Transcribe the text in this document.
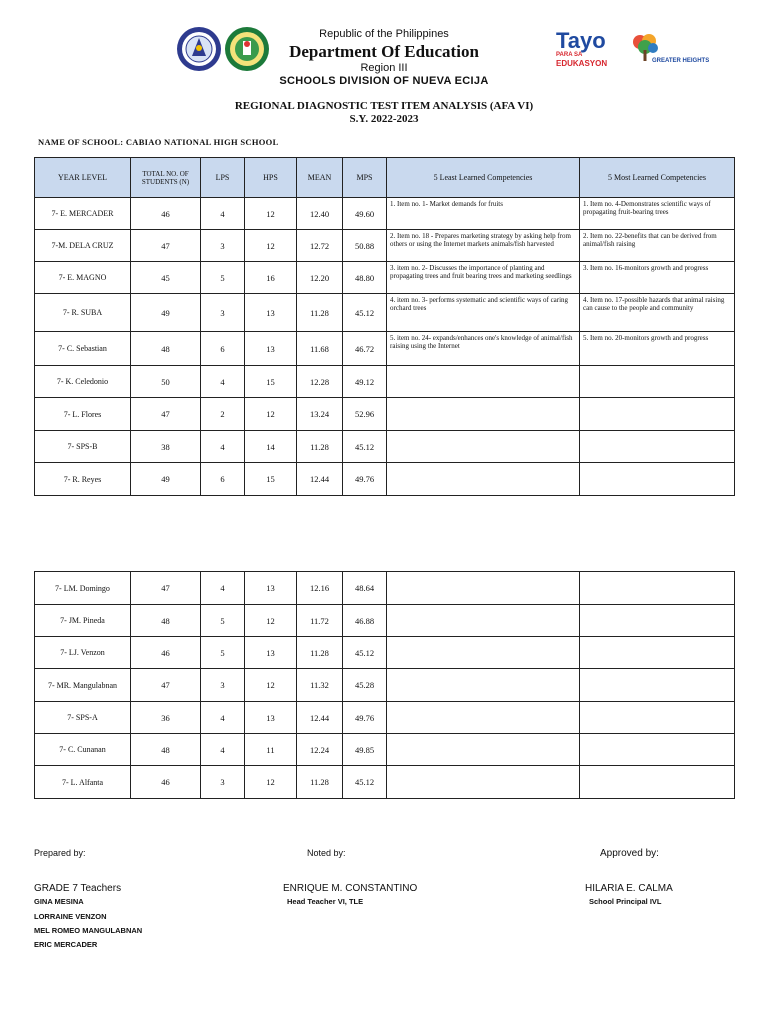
Tayo
PARA SA
EDUKASYON	GREATER HEIGHTS
Republic of the Philippines
Department Of Education
Region III
SCHOOLS DIVISION OF NUEVA ECIJA
REGIONAL DIAGNOSTIC TEST ITEM ANALYSIS (AFA VI)
S.Y. 2022-2023
NAME OF SCHOOL: CABIAO NATIONAL HIGH SCHOOL
YEAR LEVEL	TOTAL NO. OF STUDENTS (N)	LPS	HPS	MEAN	MPS	5 Least Learned Competencies	5 Most Learned Competencies
7- E. MERCADER	46	4	12	12.40	49.60	1. Item no. 1- Market demands for fruits	1. Item no. 4-Demonstrates scientific ways of propagating fruit-bearing trees
7-M. DELA CRUZ	47	3	12	12.72	50.88	2. Item no. 18 - Prepares marketing strategy by asking help from others or using the Internet markets animals/fish harvested	2. Item no. 22-benefits that can be derived from animal/fish raising
7- E. MAGNO	45	5	16	12.20	48.80	3. item no. 2- Discusses the importance of planting and propagating trees and fruit bearing trees and marketing seedlings	3. Item no. 16-monitors growth and progress
7- R. SUBA	49	3	13	11.28	45.12	4. item no. 3- performs systematic and scientific ways of caring orchard trees	4. Item no. 17-possible hazards that animal raising can cause to the people and community
7- C. Sebastian	48	6	13	11.68	46.72	5. item no. 24- expands/enhances one's knowledge of animal/fish raising using the Internet	5. Item no. 20-monitors growth and progress
7- K. Celedonio	50	4	15	12.28	49.12		
7- L. Flores	47	2	12	13.24	52.96		
7- SPS-B	38	4	14	11.28	45.12		
7- R. Reyes	49	6	15	12.44	49.76		
7- LM. Domingo	47	4	13	12.16	48.64		
7- JM. Pineda	48	5	12	11.72	46.88		
7- LJ. Venzon	46	5	13	11.28	45.12		
7- MR. Mangulabnan	47	3	12	11.32	45.28		
7- SPS-A	36	4	13	12.44	49.76		
7- C. Cunanan	48	4	11	12.24	49.85		
7- L. Alfanta	46	3	12	11.28	45.12		
Prepared by:
GRADE 7 Teachers
GINA MESINA
LORRAINE VENZON
MEL ROMEO MANGULABNAN
ERIC MERCADER
Noted by:
ENRIQUE M. CONSTANTINO
Head Teacher VI, TLE
Approved by:
HILARIA E. CALMA
School Principal IVL
